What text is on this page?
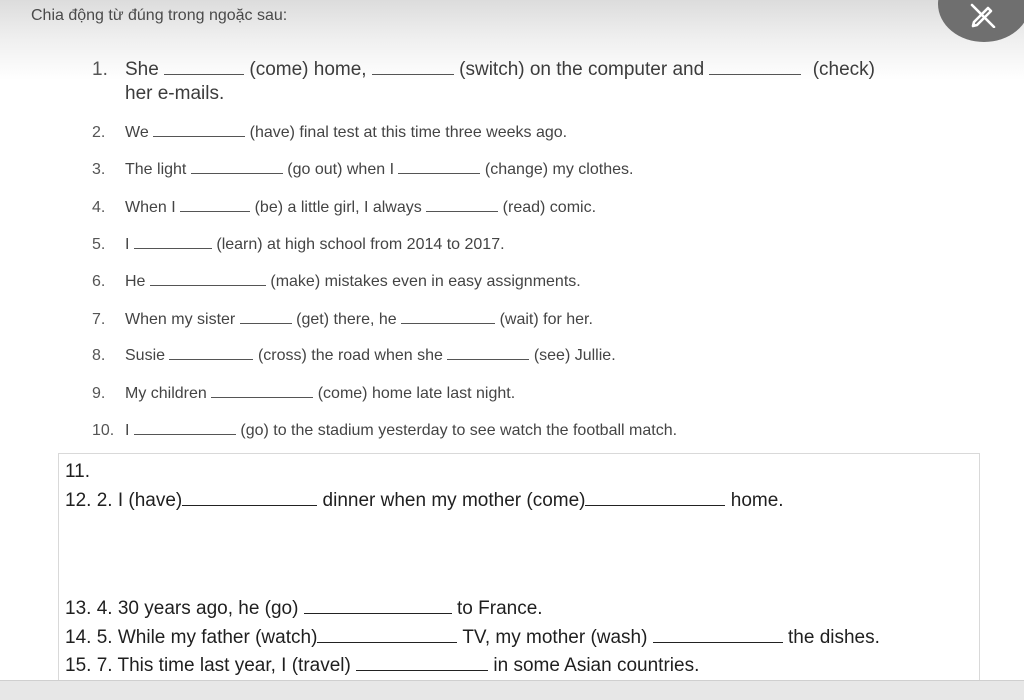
Chia động từ đúng trong ngoặc sau:
1. She	(come) home,	(switch) on the computer and	(check)
her e-mails.
2. We	(have) final test at this time three weeks ago.
3. The light	(go out) when I	(change) my clothes.
4. When I	(be) a little girl, I always	(read) comic.
5. I	(learn) at high school from 2014 to 2017.
6. He	(make) mistakes even in easy assignments.
7. When my sister	(get) there, he	(wait) for her.
8. Susie	(cross) the road when she	(see) Jullie.
9. My children	(come) home late last night.
10. I	(go) to the stadium yesterday to see watch the football match.
11.
12. 2. I (have)	dinner when my mother (come)	home.
13. 4. 30 years ago, he (go)	to France.
14. 5. While my father (watch)	TV, my mother (wash)	the dishes.
15. 7. This time last year, I (travel)	in some Asian countries.
